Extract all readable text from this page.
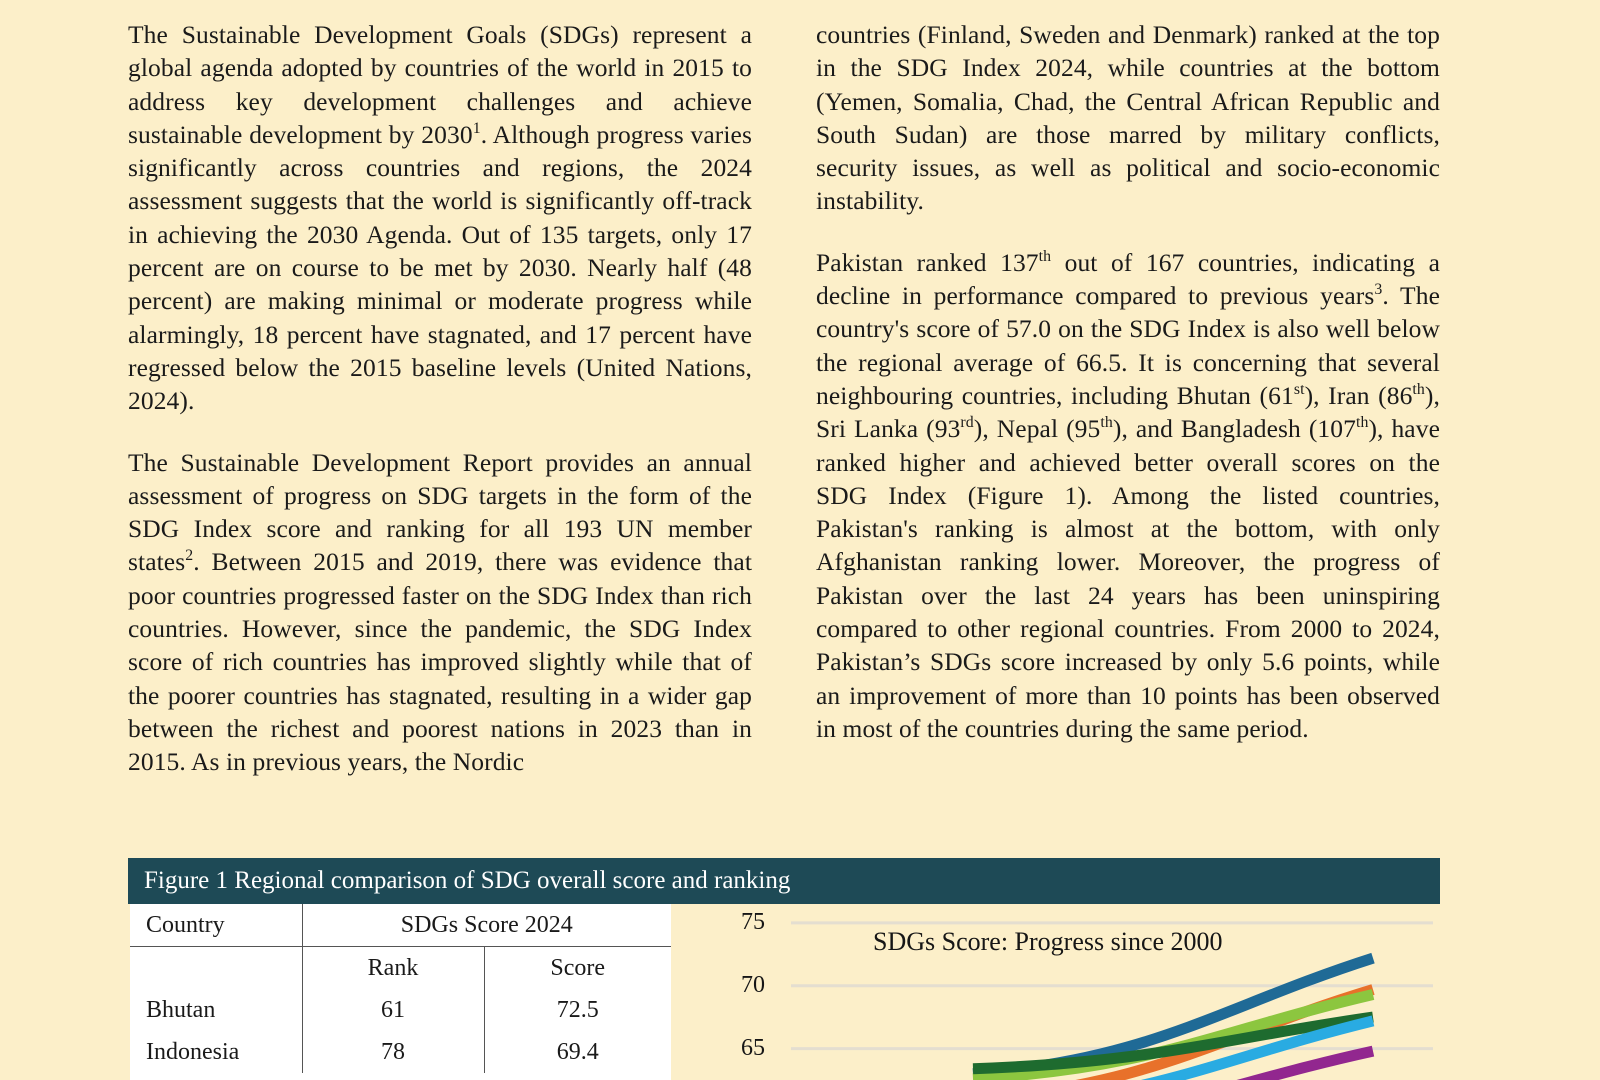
The Sustainable Development Goals (SDGs) represent a global agenda adopted by countries of the world in 2015 to address key development challenges and achieve sustainable development by 2030$^1$. Although progress varies significantly across countries and regions, the 2024 assessment suggests that the world is significantly off-track in achieving the 2030 Agenda. Out of 135 targets, only 17 percent are on course to be met by 2030. Nearly half (48 percent) are making minimal or moderate progress while alarmingly, 18 percent have stagnated, and 17 percent have regressed below the 2015 baseline levels (United Nations, 2024).

The Sustainable Development Report provides an annual assessment of progress on SDG targets in the form of the SDG Index score and ranking for all 193 UN member states$^2$. Between 2015 and 2019, there was evidence that poor countries progressed faster on the SDG Index than rich countries. However, since the pandemic, the SDG Index score of rich countries has improved slightly while that of the poorer countries has stagnated, resulting in a wider gap between the richest and poorest nations in 2023 than in 2015. As in previous years, the Nordic

countries (Finland, Sweden and Denmark) ranked at the top in the SDG Index 2024, while countries at the bottom (Yemen, Somalia, Chad, the Central African Republic and South Sudan) are those marred by military conflicts, security issues, as well as political and socio-economic instability.

Pakistan ranked 137th out of 167 countries, indicating a decline in performance compared to previous years$^3$. The country's score of 57.0 on the SDG Index is also well below the regional average of 66.5. It is concerning that several neighbouring countries, including Bhutan (61st), Iran (86th), Sri Lanka (93rd), Nepal (95th), and Bangladesh (107th), have ranked higher and achieved better overall scores on the SDG Index (Figure 1). Among the listed countries, Pakistan's ranking is almost at the bottom, with only Afghanistan ranking lower. Moreover, the progress of Pakistan over the last 24 years has been uninspiring compared to other regional countries. From 2000 to 2024, Pakistan’s SDGs score increased by only 5.6 points, while an improvement of more than 10 points has been observed in most of the countries during the same period.

Figure 1 Regional comparison of SDG overall score and ranking
Country	SDGs Score 2024	
	Rank	Score
Bhutan	61	72.5
Indonesia	78	69.4
SDGs Score: Progress since 2000
75
70
65
